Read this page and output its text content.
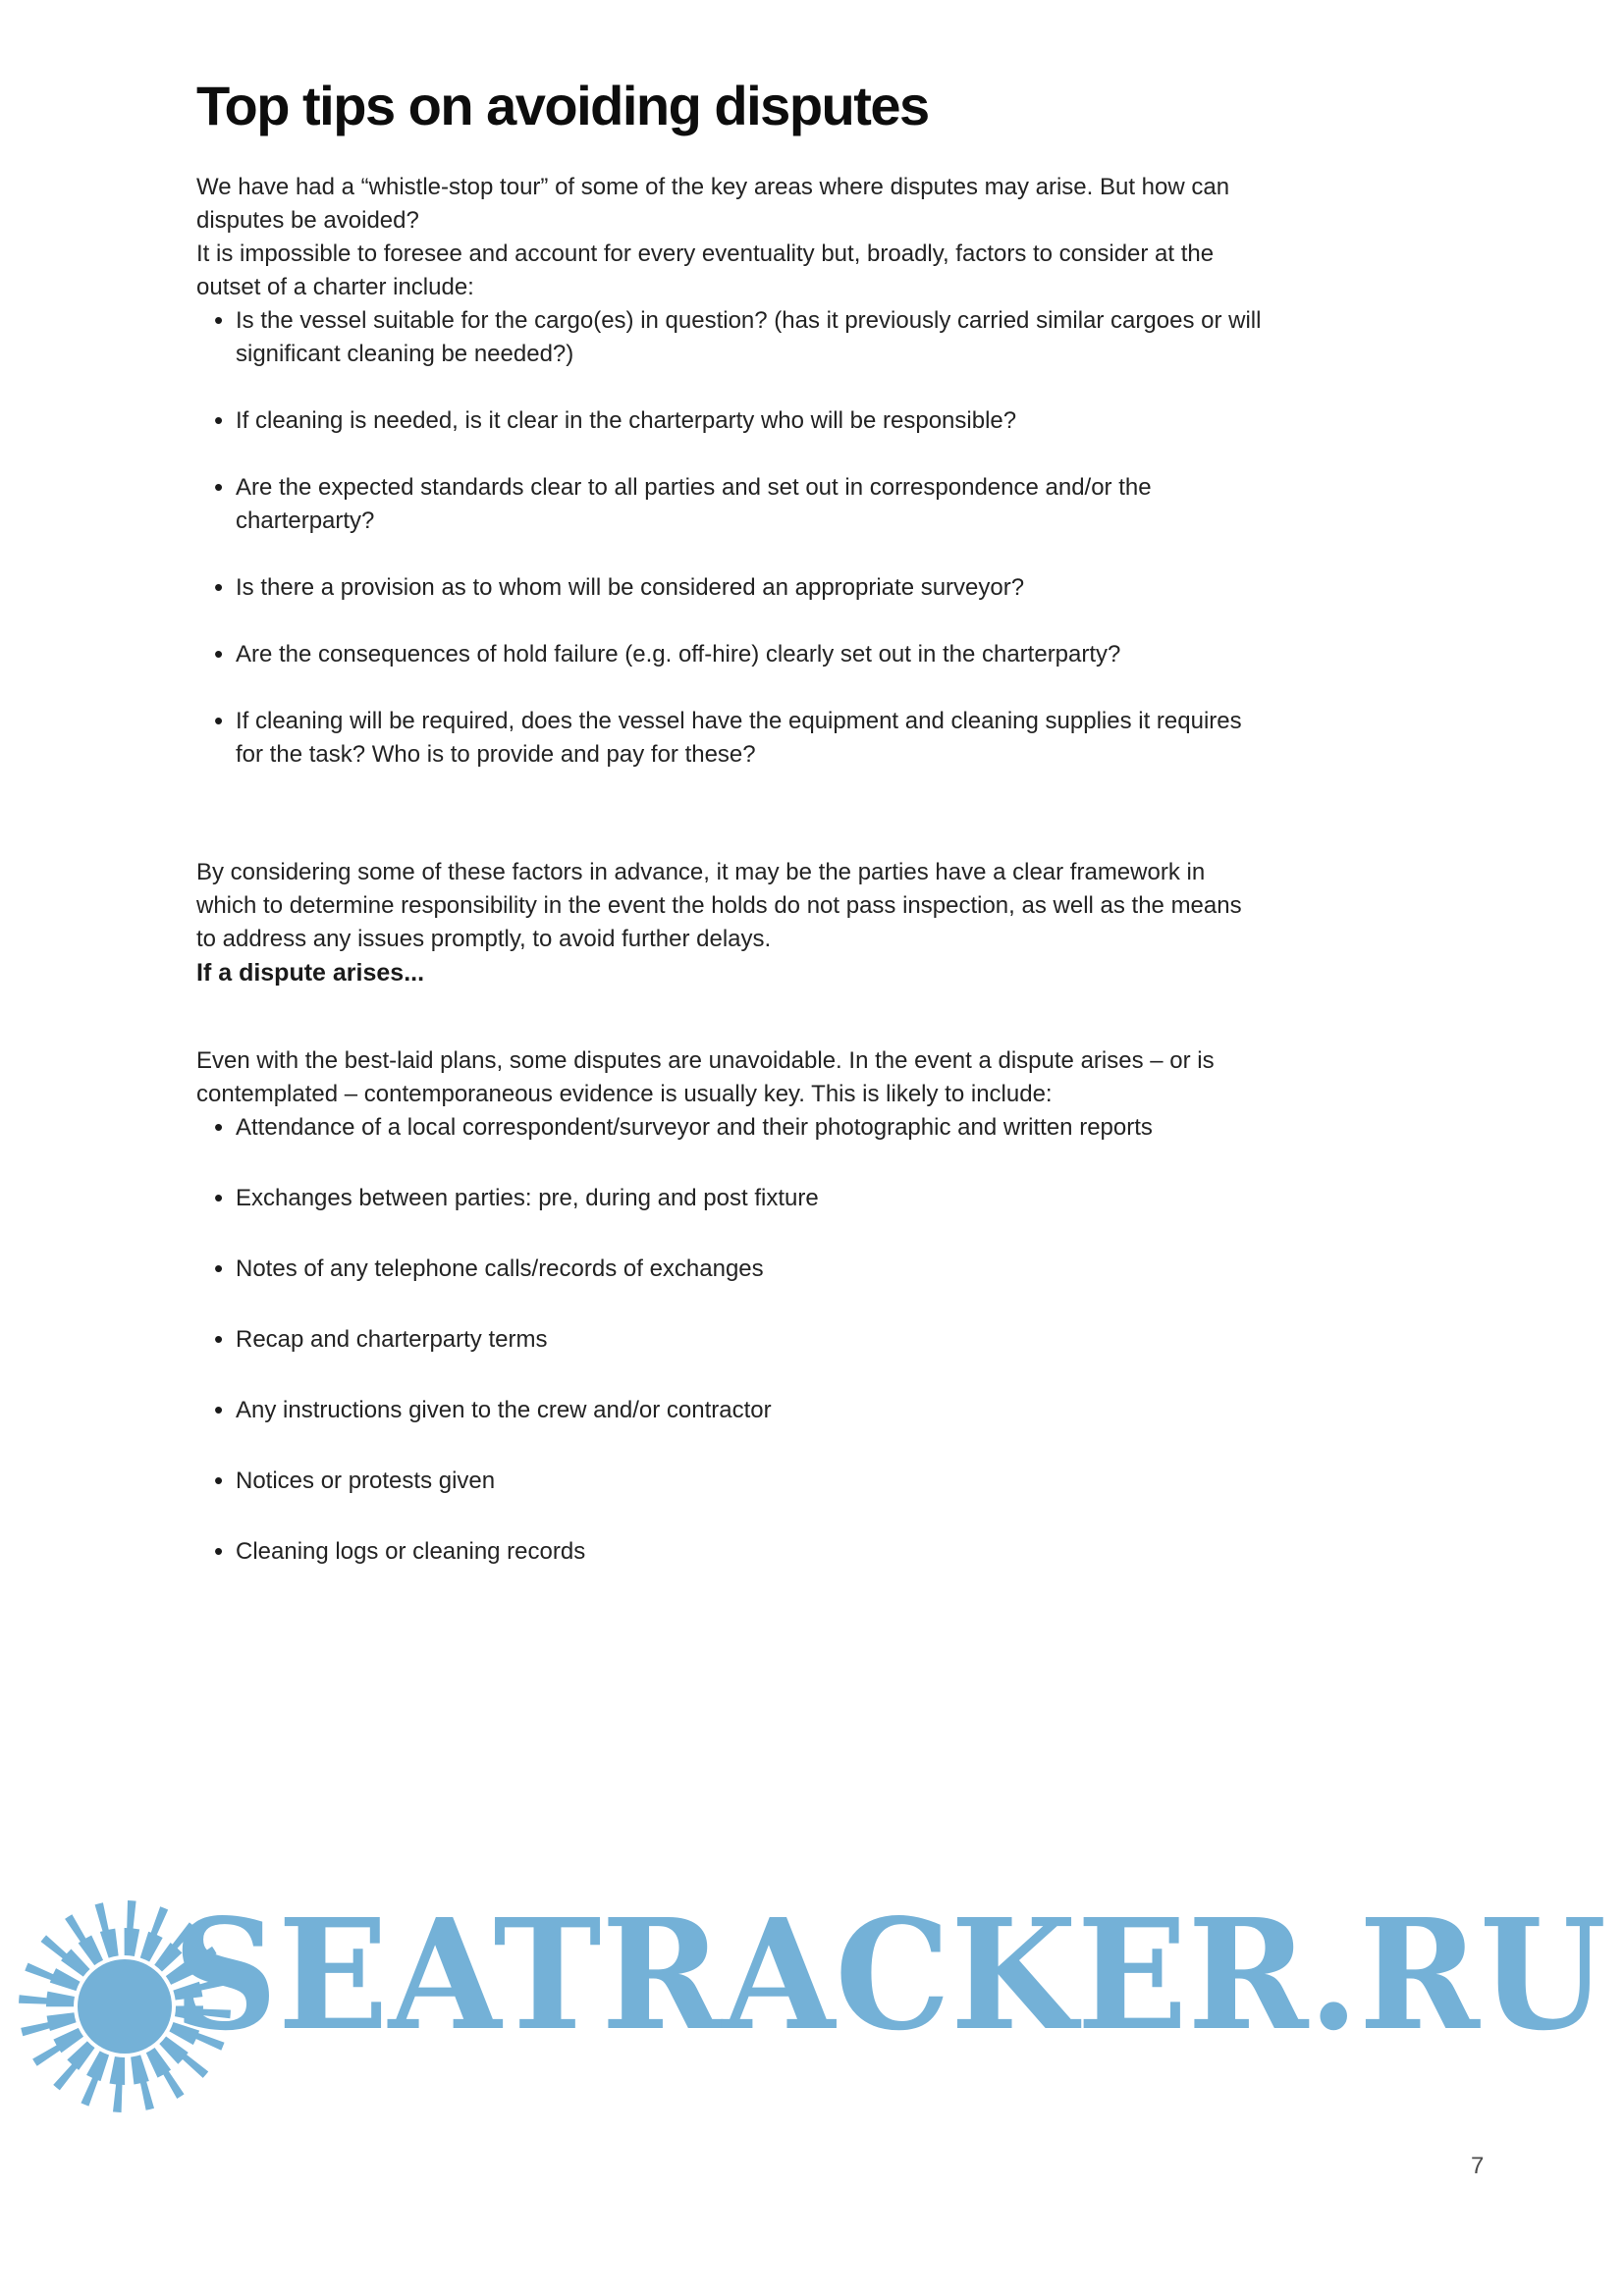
Top tips on avoiding disputes

We have had a “whistle-stop tour” of some of the key areas where disputes may arise. But how can disputes be avoided?

It is impossible to foresee and account for every eventuality but, broadly, factors to consider at the outset of a charter include:

• Is the vessel suitable for the cargo(es) in question? (has it previously carried similar cargoes or will significant cleaning be needed?)
• If cleaning is needed, is it clear in the charterparty who will be responsible?
• Are the expected standards clear to all parties and set out in correspondence and/or the charterparty?
• Is there a provision as to whom will be considered an appropriate surveyor?
• Are the consequences of hold failure (e.g. off-hire) clearly set out in the charterparty?
• If cleaning will be required, does the vessel have the equipment and cleaning supplies it requires for the task? Who is to provide and pay for these?

By considering some of these factors in advance, it may be the parties have a clear framework in which to determine responsibility in the event the holds do not pass inspection, as well as the means to address any issues promptly, to avoid further delays.

If a dispute arises...

Even with the best-laid plans, some disputes are unavoidable. In the event a dispute arises – or is contemplated – contemporaneous evidence is usually key. This is likely to include:

• Attendance of a local correspondent/surveyor and their photographic and written reports
• Exchanges between parties: pre, during and post fixture
• Notes of any telephone calls/records of exchanges
• Recap and charterparty terms
• Any instructions given to the crew and/or contractor
• Notices or protests given
• Cleaning logs or cleaning records
SEATRACKER.RU
7
